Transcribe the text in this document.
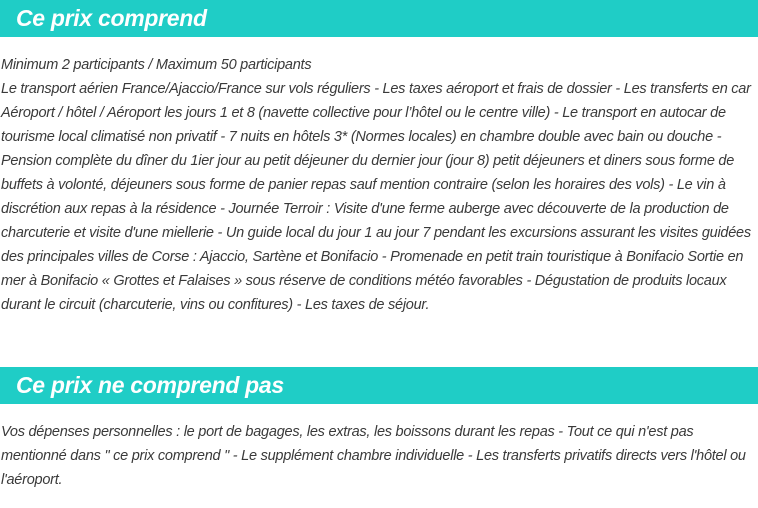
Ce prix comprend

Minimum 2 participants / Maximum 50 participants

Le transport aérien France/Ajaccio/France sur vols réguliers - Les taxes aéroport et frais de dossier - Les transferts en car Aéroport / hôtel / Aéroport les jours 1 et 8 (navette collective pour l’hôtel ou le centre ville) - Le transport en autocar de tourisme local climatisé non privatif - 7 nuits en hôtels 3* (Normes locales) en chambre double avec bain ou douche - Pension complète du dîner du 1ier jour au petit déjeuner du dernier jour (jour 8) petit déjeuners et diners sous forme de buffets à volonté, déjeuners sous forme de panier repas sauf mention contraire (selon les horaires des vols) - Le vin à discrétion aux repas à la résidence - Journée Terroir : Visite d'une ferme auberge avec découverte de la production de charcuterie et visite d'une miellerie - Un guide local du jour 1 au jour 7 pendant les excursions assurant les visites guidées des principales villes de Corse : Ajaccio, Sartène et Bonifacio - Promenade en petit train touristique à Bonifacio Sortie en mer à Bonifacio « Grottes et Falaises » sous réserve de conditions météo favorables - Dégustation de produits locaux durant le circuit (charcuterie, vins ou confitures) - Les taxes de séjour.

Ce prix ne comprend pas

Vos dépenses personnelles : le port de bagages, les extras, les boissons durant les repas - Tout ce qui n'est pas mentionné dans " ce prix comprend " - Le supplément chambre individuelle - Les transferts privatifs directs vers l'hôtel ou l'aéroport.
